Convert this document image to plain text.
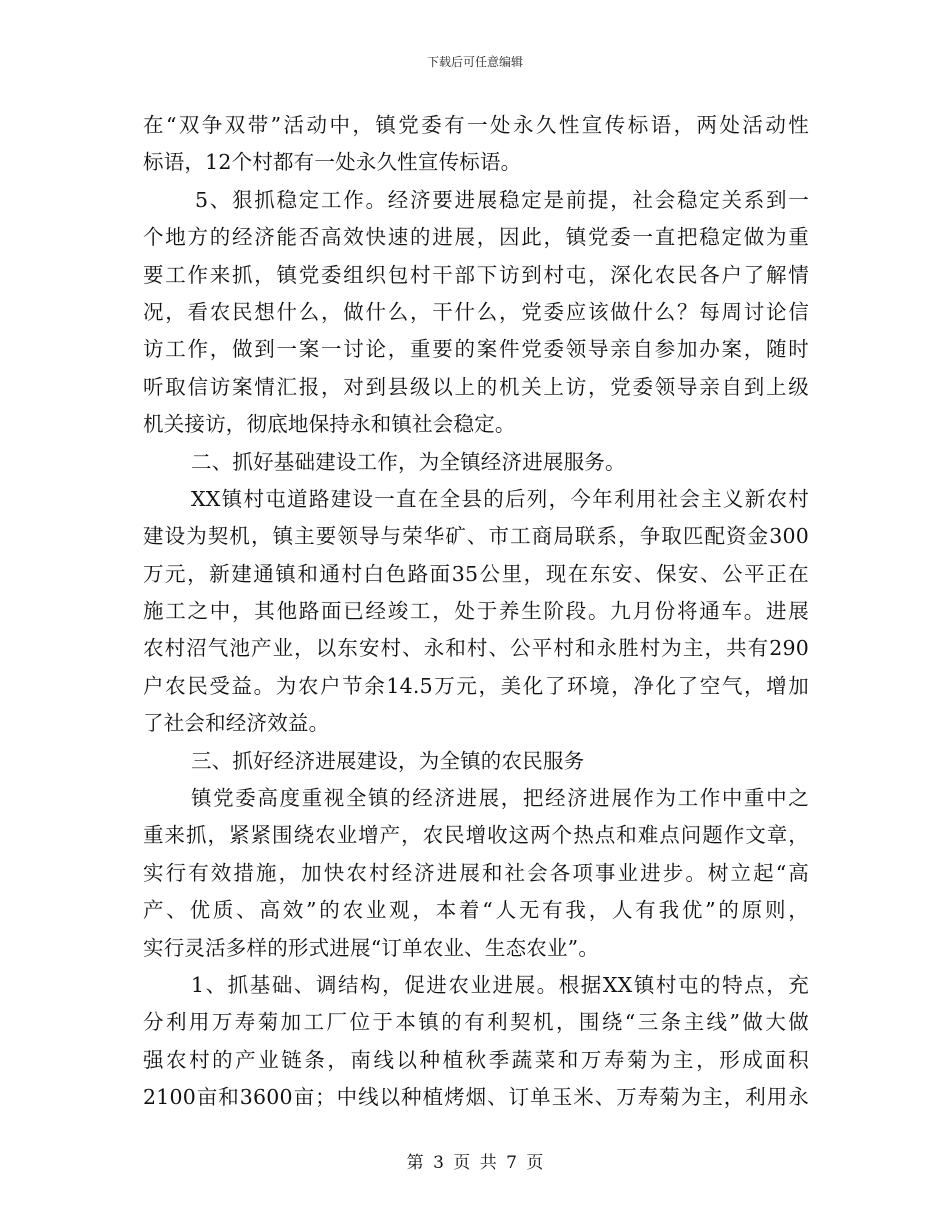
下载后可任意编辑
在“双争双带”活动中，镇党委有一处永久性宣传标语，两处活动性
标语，12个村都有一处永久性宣传标语。
5、狠抓稳定工作。经济要进展稳定是前提，社会稳定关系到一
个地方的经济能否高效快速的进展，因此，镇党委一直把稳定做为重
要工作来抓，镇党委组织包村干部下访到村屯，深化农民各户了解情
况，看农民想什么，做什么，干什么，党委应该做什么？每周讨论信
访工作，做到一案一讨论，重要的案件党委领导亲自参加办案，随时
听取信访案情汇报，对到县级以上的机关上访，党委领导亲自到上级
机关接访，彻底地保持永和镇社会稳定。
二、抓好基础建设工作，为全镇经济进展服务。
XX镇村屯道路建设一直在全县的后列，今年利用社会主义新农村
建设为契机，镇主要领导与荣华矿、市工商局联系，争取匹配资金300
万元，新建通镇和通村白色路面35公里，现在东安、保安、公平正在
施工之中，其他路面已经竣工，处于养生阶段。九月份将通车。进展
农村沼气池产业，以东安村、永和村、公平村和永胜村为主，共有290
户农民受益。为农户节余14.5万元，美化了环境，净化了空气，增加
了社会和经济效益。
三、抓好经济进展建设，为全镇的农民服务
镇党委高度重视全镇的经济进展，把经济进展作为工作中重中之
重来抓，紧紧围绕农业增产，农民增收这两个热点和难点问题作文章，
实行有效措施，加快农村经济进展和社会各项事业进步。树立起“高
产、优质、高效”的农业观，本着“人无有我，人有我优”的原则，
实行灵活多样的形式进展“订单农业、生态农业”。
1、抓基础、调结构，促进农业进展。根据XX镇村屯的特点，充
分利用万寿菊加工厂位于本镇的有利契机，围绕“三条主线”做大做
强农村的产业链条，南线以种植秋季蔬菜和万寿菊为主，形成面积
2100亩和3600亩；中线以种植烤烟、订单玉米、万寿菊为主，利用永
第 3 页 共 7 页
